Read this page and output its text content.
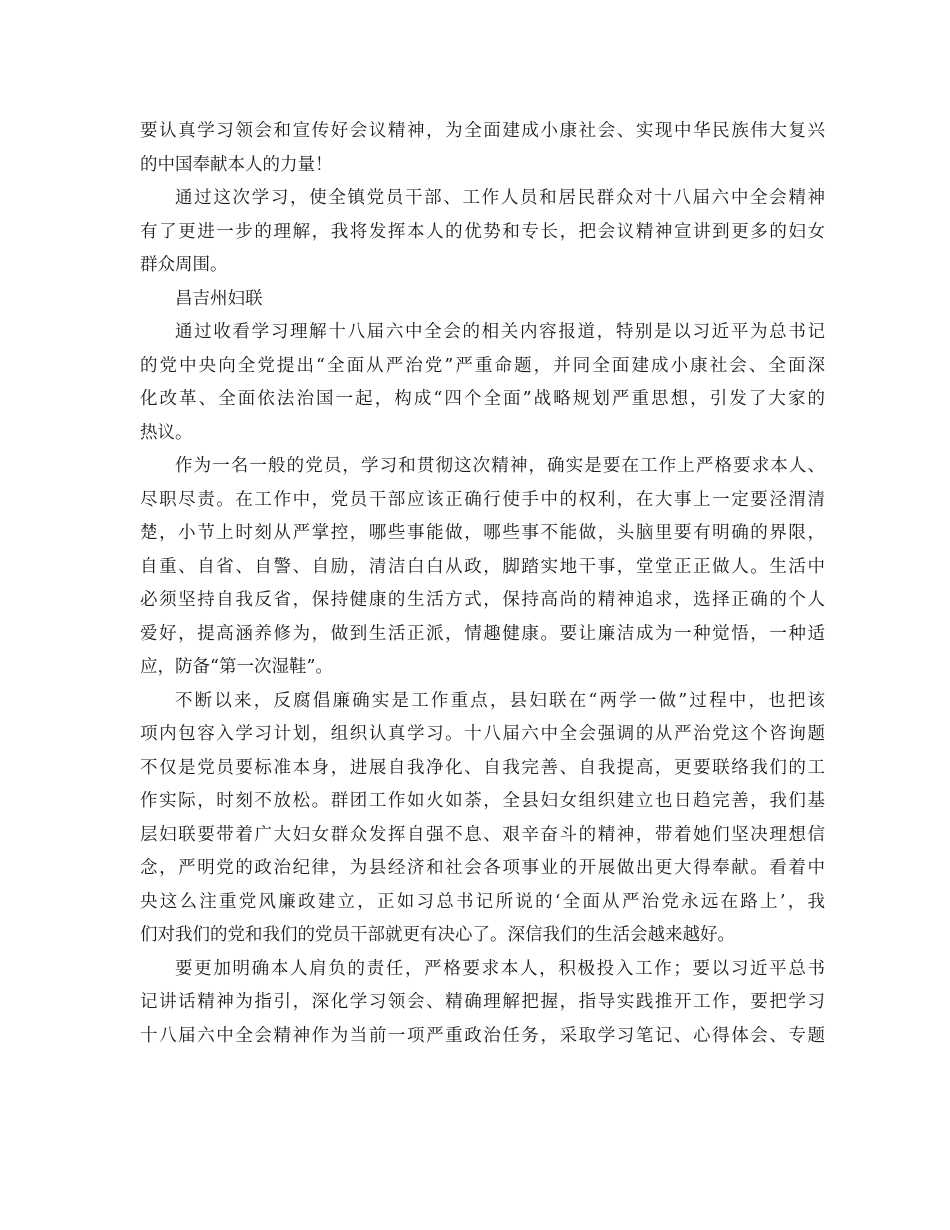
要认真学习领会和宣传好会议精神，为全面建成小康社会、实现中华民族伟大复兴
的中国奉献本人的力量！
通过这次学习，使全镇党员干部、工作人员和居民群众对十八届六中全会精神
有了更进一步的理解，我将发挥本人的优势和专长，把会议精神宣讲到更多的妇女
群众周围。
昌吉州妇联
通过收看学习理解十八届六中全会的相关内容报道，特别是以习近平为总书记
的党中央向全党提出“全面从严治党”严重命题，并同全面建成小康社会、全面深
化改革、全面依法治国一起，构成“四个全面”战略规划严重思想，引发了大家的
热议。
作为一名一般的党员，学习和贯彻这次精神，确实是要在工作上严格要求本人、
尽职尽责。在工作中，党员干部应该正确行使手中的权利，在大事上一定要泾渭清
楚，小节上时刻从严掌控，哪些事能做，哪些事不能做，头脑里要有明确的界限，
自重、自省、自警、自励，清洁白白从政，脚踏实地干事，堂堂正正做人。生活中
必须坚持自我反省，保持健康的生活方式，保持高尚的精神追求，选择正确的个人
爱好，提高涵养修为，做到生活正派，情趣健康。要让廉洁成为一种觉悟，一种适
应，防备“第一次湿鞋”。
不断以来，反腐倡廉确实是工作重点，县妇联在“两学一做”过程中，也把该
项内包容入学习计划，组织认真学习。十八届六中全会强调的从严治党这个咨询题
不仅是党员要标准本身，进展自我净化、自我完善、自我提高，更要联络我们的工
作实际，时刻不放松。群团工作如火如荼，全县妇女组织建立也日趋完善，我们基
层妇联要带着广大妇女群众发挥自强不息、艰辛奋斗的精神，带着她们坚决理想信
念，严明党的政治纪律，为县经济和社会各项事业的开展做出更大得奉献。看着中
央这么注重党风廉政建立，正如习总书记所说的‘全面从严治党永远在路上’，我
们对我们的党和我们的党员干部就更有决心了。深信我们的生活会越来越好。
要更加明确本人肩负的责任，严格要求本人，积极投入工作；要以习近平总书
记讲话精神为指引，深化学习领会、精确理解把握，指导实践推开工作，要把学习
十八届六中全会精神作为当前一项严重政治任务，采取学习笔记、心得体会、专题
